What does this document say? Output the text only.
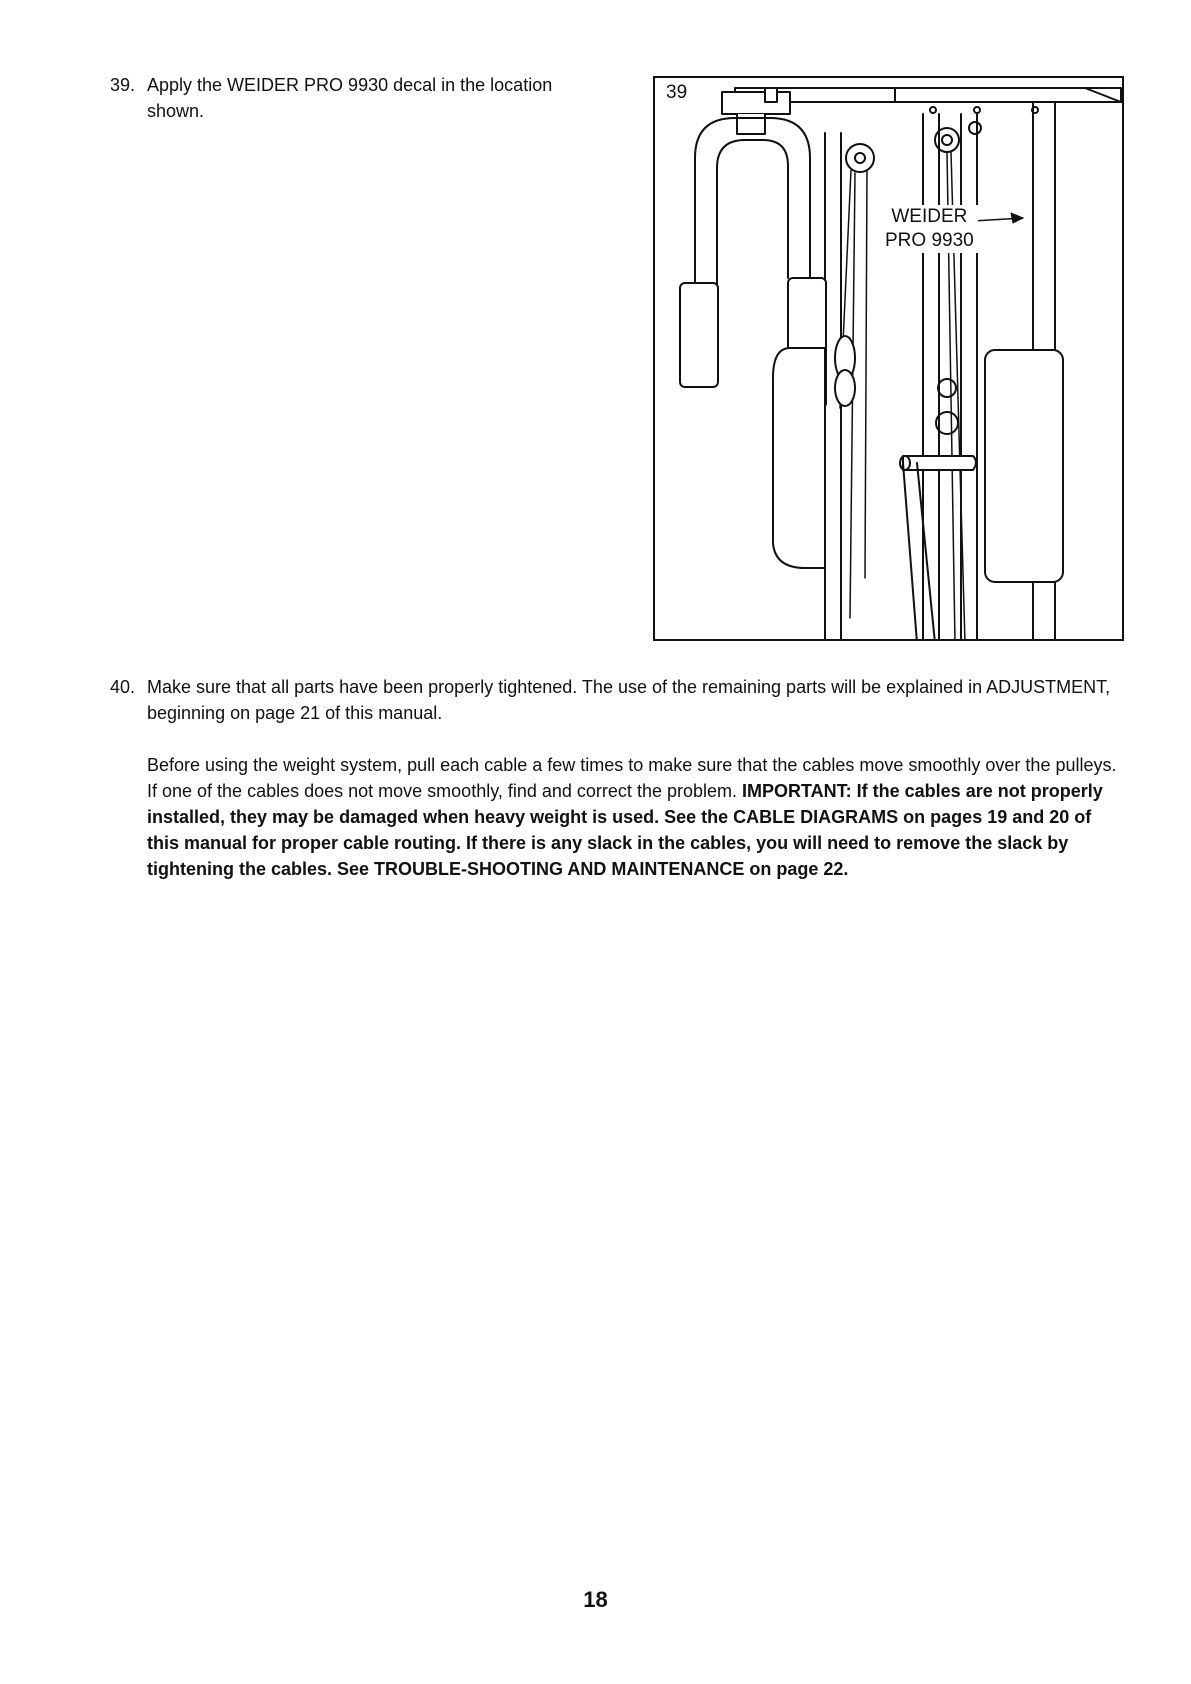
39. Apply the WEIDER PRO 9930 decal in the location
shown.
39
WEIDER
PRO 9930
40. Make sure that all parts have been properly tightened. The use of the remaining parts will be explained in ADJUSTMENT, beginning on page 21 of this manual.

Before using the weight system, pull each cable a few times to make sure that the cables move smoothly over the pulleys. If one of the cables does not move smoothly, find and correct the problem. IMPORTANT: If the cables are not properly installed, they may be damaged when heavy weight is used. See the CABLE DIAGRAMS on pages 19 and 20 of this manual for proper cable routing. If there is any slack in the cables, you will need to remove the slack by tightening the cables. See TROUBLE-SHOOTING AND MAINTENANCE on page 22.

18
